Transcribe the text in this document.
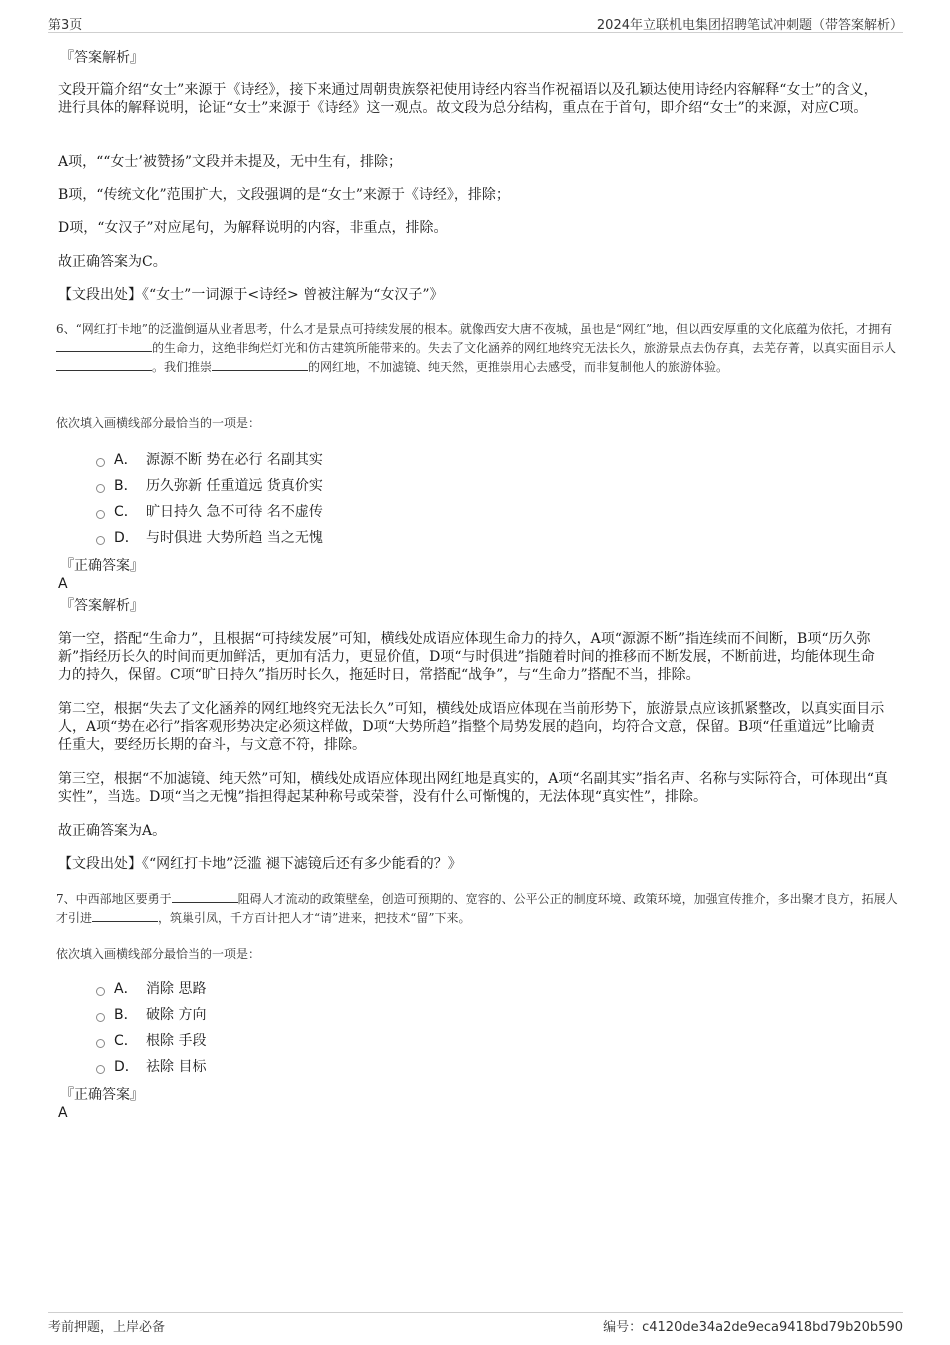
第3页	2024年立联机电集团招聘笔试冲刺题（带答案解析）
『答案解析』
文段开篇介绍“女士”来源于《诗经》，接下来通过周朝贵族祭祀使用诗经内容当作祝福语以及孔颖达使用诗经内容解释“女士”的含义，进行具体的解释说明，论证“女士”来源于《诗经》这一观点。故文段为总分结构，重点在于首句，即介绍“女士”的来源，对应C项。
A项，““女士’被赞扬”文段并未提及，无中生有，排除；
B项，“传统文化”范围扩大，文段强调的是“女士”来源于《诗经》，排除；
D项，“女汉子”对应尾句，为解释说明的内容，非重点，排除。
故正确答案为C。
【文段出处】《“女士”一词源于<诗经> 曾被注解为“女汉子”》
6、“网红打卡地”的泛滥倒逼从业者思考，什么才是景点可持续发展的根本。就像西安大唐不夜城，虽也是“网红”地，但以西安厚重的文化底蕴为依托，才拥有的生命力，这绝非绚烂灯光和仿古建筑所能带来的。失去了文化涵养的网红地终究无法长久，旅游景点去伪存真，去芜存菁，以真实面目示人。我们推崇	的网红地，不加滤镜、纯天然，更推崇用心去感受，而非复制他人的旅游体验。
依次填入画横线部分最恰当的一项是：
A． 源源不断 势在必行 名副其实
B． 历久弥新 任重道远 货真价实
C． 旷日持久 急不可待 名不虚传
D． 与时俱进 大势所趋 当之无愧
『正确答案』
A
『答案解析』
第一空，搭配“生命力”，且根据“可持续发展”可知，横线处成语应体现生命力的持久，A项“源源不断”指连续而不间断，B项“历久弥新”指经历长久的时间而更加鲜活，更加有活力，更显价值，D项“与时俱进”指随着时间的推移而不断发展，不断前进，均能体现生命力的持久，保留。C项“旷日持久”指历时长久，拖延时日，常搭配“战争”，与“生命力”搭配不当，排除。
第二空，根据“失去了文化涵养的网红地终究无法长久”可知，横线处成语应体现在当前形势下，旅游景点应该抓紧整改，以真实面目示人，A项“势在必行”指客观形势决定必须这样做，D项“大势所趋”指整个局势发展的趋向，均符合文意，保留。B项“任重道远”比喻责任重大，要经历长期的奋斗，与文意不符，排除。
第三空，根据“不加滤镜、纯天然”可知，横线处成语应体现出网红地是真实的，A项“名副其实”指名声、名称与实际符合，可体现出“真实性”，当选。D项“当之无愧”指担得起某种称号或荣誉，没有什么可惭愧的，无法体现“真实性”，排除。
故正确答案为A。
【文段出处】《“网红打卡地”泛滥 褪下滤镜后还有多少能看的？》
7、中西部地区要勇于	阻碍人才流动的政策壁垒，创造可预期的、宽容的、公平公正的制度环境、政策环境，加强宣传推介，多出聚才良方，拓展人才引进	，筑巢引凤，千方百计把人才“请”进来，把技术“留”下来。
依次填入画横线部分最恰当的一项是：
A． 消除 思路
B． 破除 方向
C． 根除 手段
D． 祛除 目标
『正确答案』
A
考前押题，上岸必备	编号：c4120de34a2de9eca9418bd79b20b590
